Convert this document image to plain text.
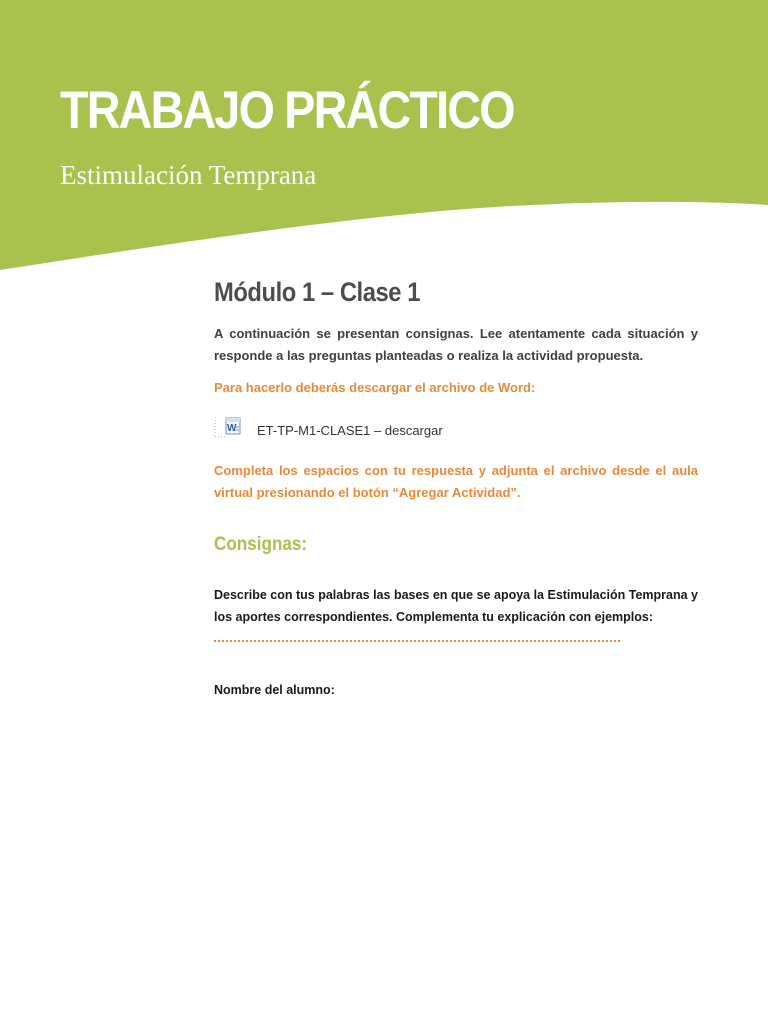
TRABAJO PRÁCTICO
Estimulación Temprana
Módulo 1 – Clase 1

A continuación se presentan consignas. Lee atentamente cada situación y responde a las preguntas planteadas o realiza la actividad propuesta.

Para hacerlo deberás descargar el archivo de Word:

W ET-TP-M1-CLASE1 – descargar

Completa los espacios con tu respuesta y adjunta el archivo desde el aula virtual presionando el botón “Agregar Actividad”.

Consignas:

Describe con tus palabras las bases en que se apoya la Estimulación Temprana y los aportes correspondientes. Complementa tu explicación con ejemplos:

Nombre del alumno:
